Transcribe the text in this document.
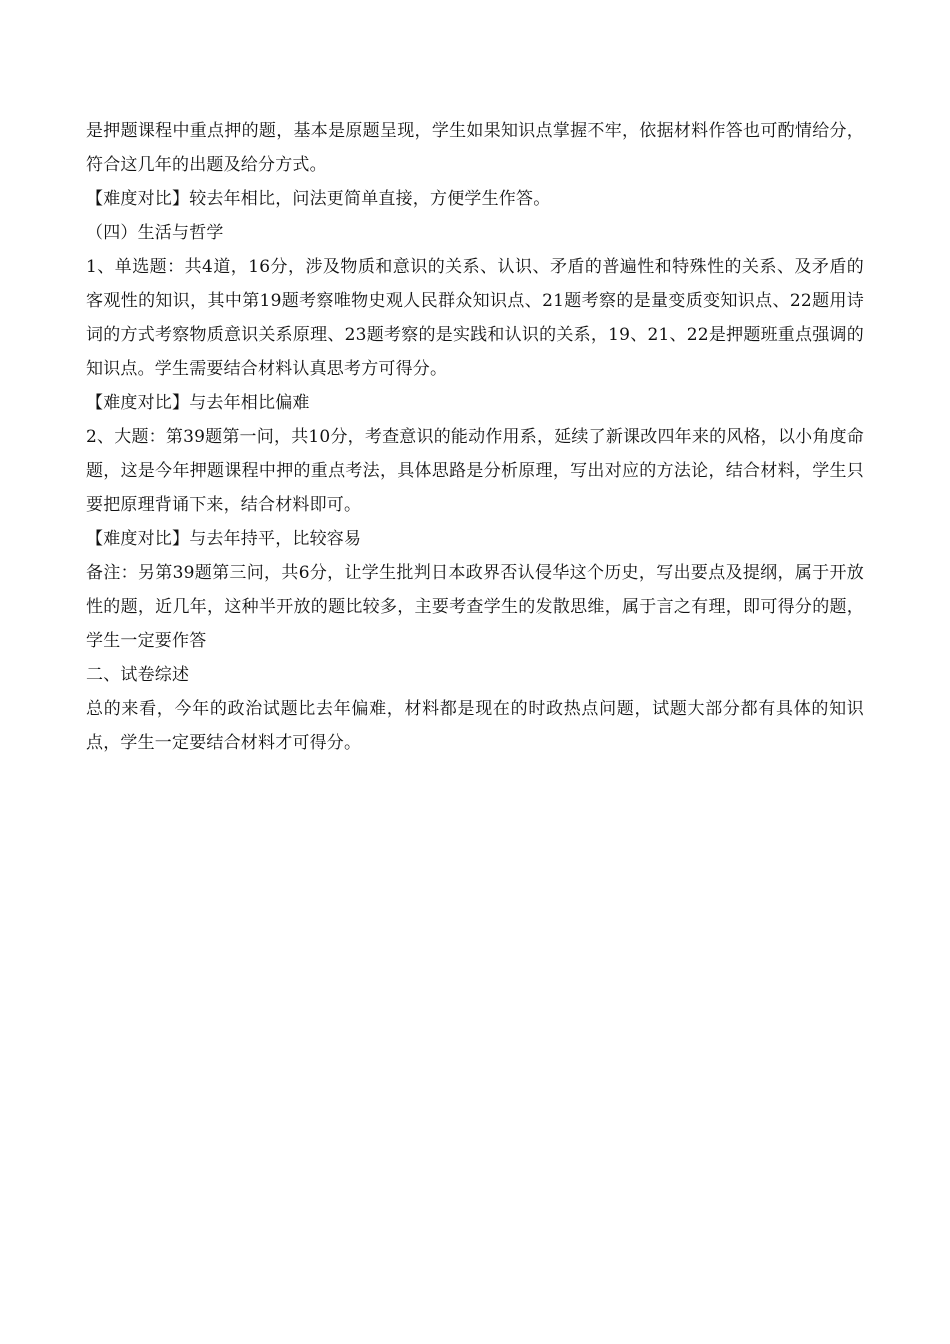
是押题课程中重点押的题，基本是原题呈现，学生如果知识点掌握不牢，依据材料作答也可酌情给分，符合这几年的出题及给分方式。

【难度对比】较去年相比，问法更简单直接，方便学生作答。

（四）生活与哲学

1、单选题：共4道，16分，涉及物质和意识的关系、认识、矛盾的普遍性和特殊性的关系、及矛盾的客观性的知识，其中第19题考察唯物史观人民群众知识点、21题考察的是量变质变知识点、22题用诗词的方式考察物质意识关系原理、23题考察的是实践和认识的关系，19、21、22是押题班重点强调的知识点。学生需要结合材料认真思考方可得分。

【难度对比】与去年相比偏难

2、大题：第39题第一问，共10分，考查意识的能动作用系，延续了新课改四年来的风格，以小角度命题，这是今年押题课程中押的重点考法，具体思路是分析原理，写出对应的方法论，结合材料，学生只要把原理背诵下来，结合材料即可。

【难度对比】与去年持平，比较容易

备注：另第39题第三问，共6分，让学生批判日本政界否认侵华这个历史，写出要点及提纲，属于开放性的题，近几年，这种半开放的题比较多，主要考查学生的发散思维，属于言之有理，即可得分的题，学生一定要作答

二、试卷综述

总的来看，今年的政治试题比去年偏难，材料都是现在的时政热点问题，试题大部分都有具体的知识点，学生一定要结合材料才可得分。
